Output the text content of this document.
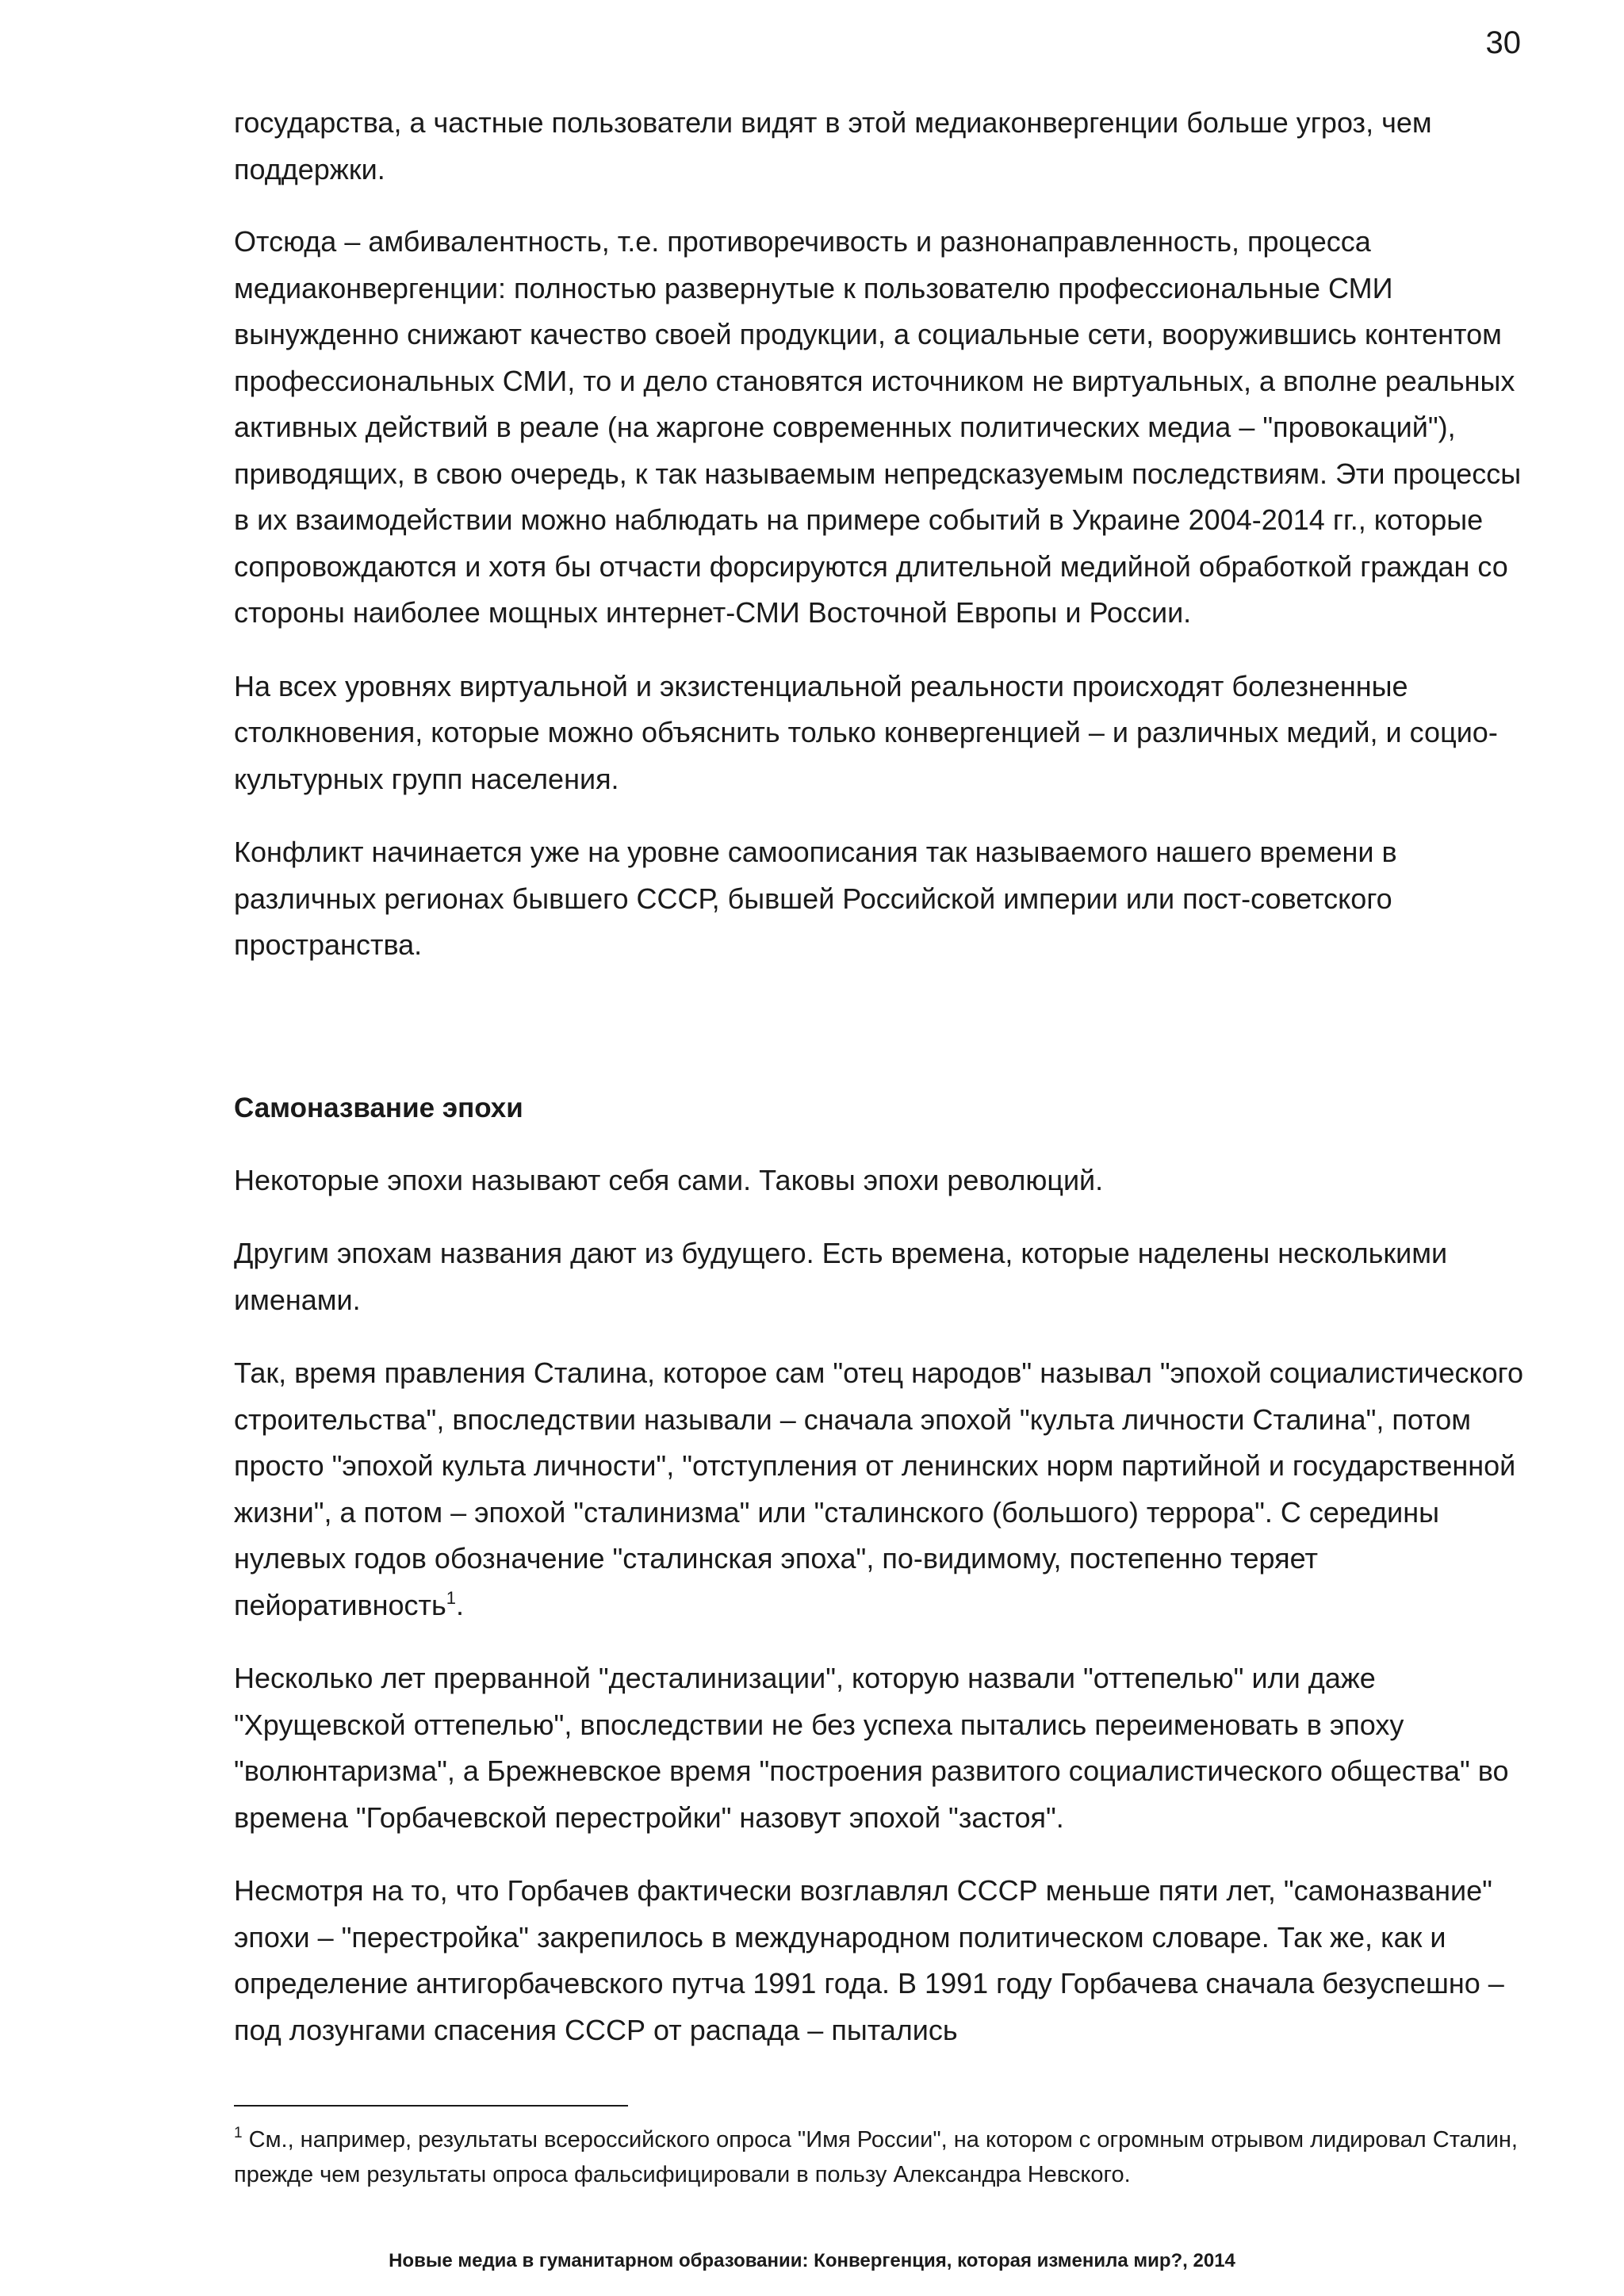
30

государства, а частные пользователи видят в этой медиаконвергенции больше угроз, чем поддержки.

Отсюда – амбивалентность, т.е. противоречивость и разнонаправленность, процесса медиаконвергенции: полностью развернутые к пользователю профессиональные СМИ вынужденно снижают качество своей продукции, а социальные сети, вооружившись контентом профессиональных СМИ, то и дело становятся источником не виртуальных, а вполне реальных активных действий в реале (на жаргоне современных политических медиа – "провокаций"), приводящих, в свою очередь, к так называемым непредсказуемым последствиям. Эти процессы в их взаимодействии можно наблюдать на примере событий в Украине 2004-2014 гг., которые сопровождаются и хотя бы отчасти форсируются длительной медийной обработкой граждан со стороны наиболее мощных интернет-СМИ Восточной Европы и России.

На всех уровнях виртуальной и экзистенциальной реальности происходят болезненные столкновения, которые можно объяснить только конвергенцией – и различных медий, и социо-культурных групп населения.

Конфликт начинается уже на уровне самоописания так называемого нашего времени в различных регионах бывшего СССР, бывшей Российской империи или пост-советского пространства.

Самоназвание эпохи

Некоторые эпохи называют себя сами. Таковы эпохи революций.

Другим эпохам названия дают из будущего. Есть времена, которые наделены несколькими именами.

Так, время правления Сталина, которое сам "отец народов" называл "эпохой социалистического строительства", впоследствии называли – сначала эпохой "культа личности Сталина", потом просто "эпохой культа личности", "отступления от ленинских норм партийной и государственной жизни", а потом – эпохой "сталинизма" или "сталинского (большого) террора". С середины нулевых годов обозначение "сталинская эпоха", по-видимому, постепенно теряет пейоративность$^1$.

Несколько лет прерванной "десталинизации", которую назвали "оттепелью" или даже "Хрущевской оттепелью", впоследствии не без успеха пытались переименовать в эпоху "волюнтаризма", а Брежневское время "построения развитого социалистического общества" во времена "Горбачевской перестройки" назовут эпохой "застоя".

Несмотря на то, что Горбачев фактически возглавлял СССР меньше пяти лет, "самоназвание" эпохи – "перестройка" закрепилось в международном политическом словаре. Так же, как и определение антигорбачевского путча 1991 года. В 1991 году Горбачева сначала безуспешно – под лозунгами спасения СССР от распада – пытались

$^1$ См., например, результаты всероссийского опроса "Имя России", на котором с огромным отрывом лидировал Сталин, прежде чем результаты опроса фальсифицировали в пользу Александра Невского.
Новые медиа в гуманитарном образовании: Конвергенция, которая изменила мир?, 2014
